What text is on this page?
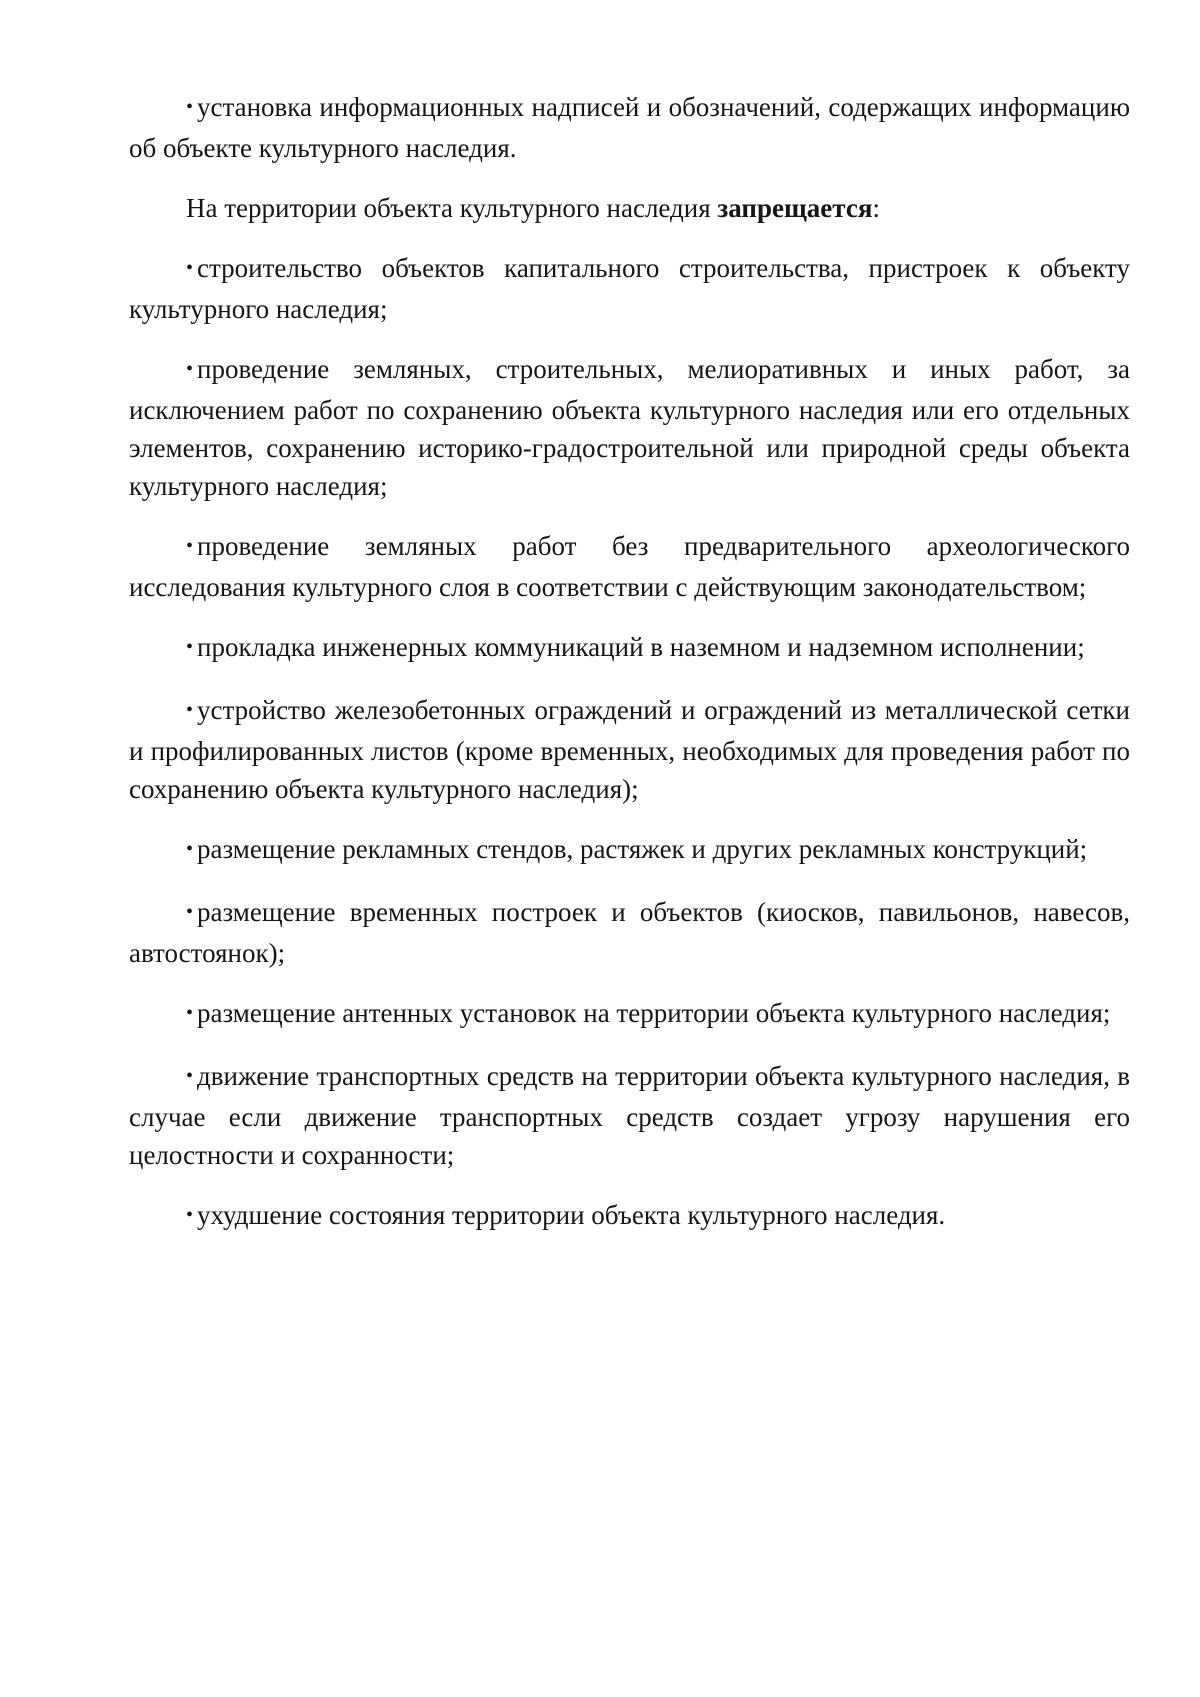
• установка информационных надписей и обозначений, содержащих информацию об объекте культурного наследия.

На территории объекта культурного наследия запрещается:

• строительство объектов капитального строительства, пристроек к объекту культурного наследия;

• проведение земляных, строительных, мелиоративных и иных работ, за исключением работ по сохранению объекта культурного наследия или его отдельных элементов, сохранению историко-градостроительной или природной среды объекта культурного наследия;

• проведение земляных работ без предварительного археологического исследования культурного слоя в соответствии с действующим законодательством;

• прокладка инженерных коммуникаций в наземном и надземном исполнении;

• устройство железобетонных ограждений и ограждений из металлической сетки и профилированных листов (кроме временных, необходимых для проведения работ по сохранению объекта культурного наследия);

• размещение рекламных стендов, растяжек и других рекламных конструкций;

• размещение временных построек и объектов (киосков, павильонов, навесов, автостоянок);

• размещение антенных установок на территории объекта культурного наследия;

• движение транспортных средств на территории объекта культурного наследия, в случае если движение транспортных средств создает угрозу нарушения его целостности и сохранности;

• ухудшение состояния территории объекта культурного наследия.
